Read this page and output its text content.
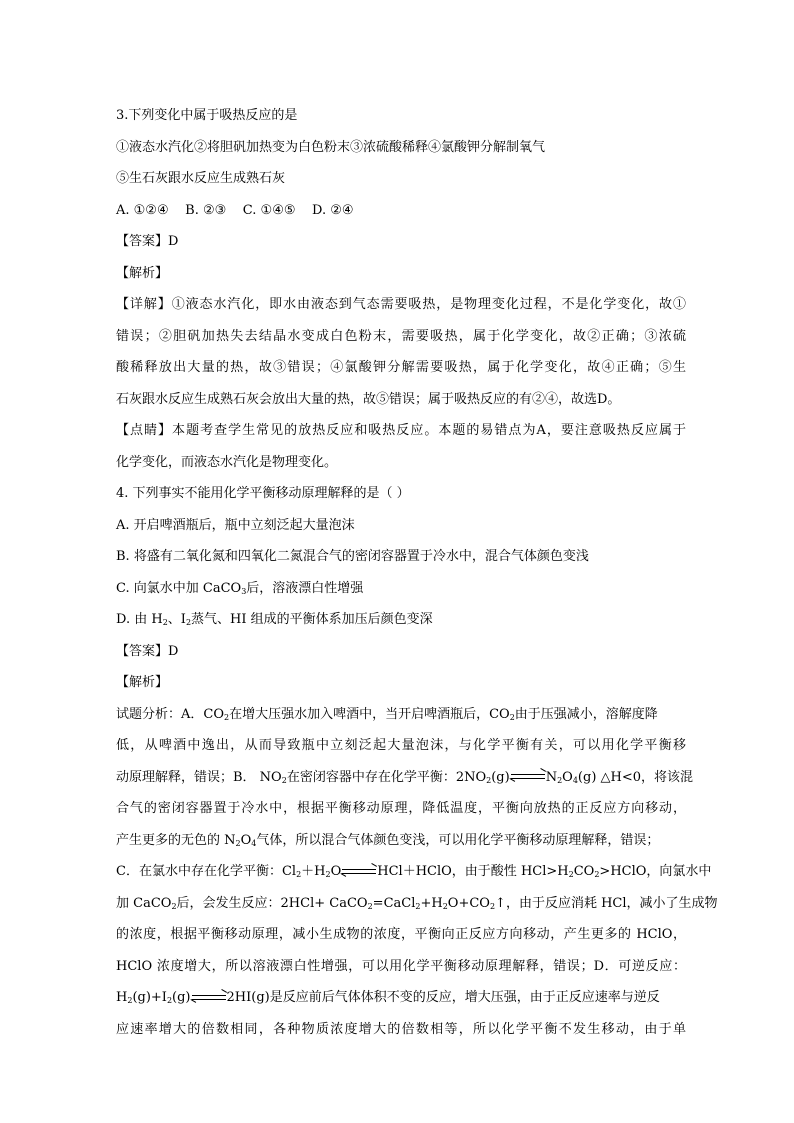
3.下列变化中属于吸热反应的是
①液态水汽化②将胆矾加热变为白色粉末③浓硫酸稀释④氯酸钾分解制氧气
⑤生石灰跟水反应生成熟石灰
A. ①②④    B. ②③    C. ①④⑤    D. ②④
【答案】D
【解析】
【详解】①液态水汽化，即水由液态到气态需要吸热，是物理变化过程，不是化学变化，故①
错误；②胆矾加热失去结晶水变成白色粉末，需要吸热，属于化学变化，故②正确；③浓硫
酸稀释放出大量的热，故③错误；④氯酸钾分解需要吸热，属于化学变化，故④正确；⑤生
石灰跟水反应生成熟石灰会放出大量的热，故⑤错误；属于吸热反应的有②④，故选D。
【点睛】本题考查学生常见的放热反应和吸热反应。本题的易错点为A，要注意吸热反应属于
化学变化，而液态水汽化是物理变化。
4. 下列事实不能用化学平衡移动原理解释的是（ ）
A. 开启啤酒瓶后，瓶中立刻泛起大量泡沫
B. 将盛有二氧化氮和四氧化二氮混合气的密闭容器置于冷水中，混合气体颜色变浅
C. 向氯水中加 CaCO$_3$后，溶液漂白性增强
D. 由 $H_2$、$I_2$蒸气、HI 组成的平衡体系加压后颜色变深
【答案】D
【解析】
试题分析：A．$CO_2$在增大压强水加入啤酒中，当开启啤酒瓶后，$CO_2$由于压强减小，溶解度降
低，从啤酒中逸出，从而导致瓶中立刻泛起大量泡沫，与化学平衡有关，可以用化学平衡移
动原理解释，错误；B． $NO_2$在密闭容器中存在化学平衡：$2NO_2(g)$	$N_2O_4(g)$ △H<0，将该混
合气的密闭容器置于冷水中，根据平衡移动原理，降低温度，平衡向放热的正反应方向移动，
产生更多的无色的 $N_2O_4$气体，所以混合气体颜色变浅，可以用化学平衡移动原理解释，错误；
C．在氯水中存在化学平衡：$Cl_2+H_2O$	HCl＋HClO，由于酸性 $HCl>H_2CO_2>HClO$，向氯水中
加 CaCO$_2$后，会发生反应：$2HCl+ CaCO_2=CaCl_2+H_2O+CO_2↑$，由于反应消耗 HCl，减小了生成物
的浓度，根据平衡移动原理，减小生成物的浓度，平衡向正反应方向移动，产生更多的 HClO，
HClO 浓度增大，所以溶液漂白性增强，可以用化学平衡移动原理解释，错误；D．可逆反应：
$H_2(g)+I_2(g)$	2HI(g)是反应前后气体体积不变的反应，增大压强，由于正反应速率与逆反
应速率增大的倍数相同，各种物质浓度增大的倍数相等，所以化学平衡不发生移动，由于单
